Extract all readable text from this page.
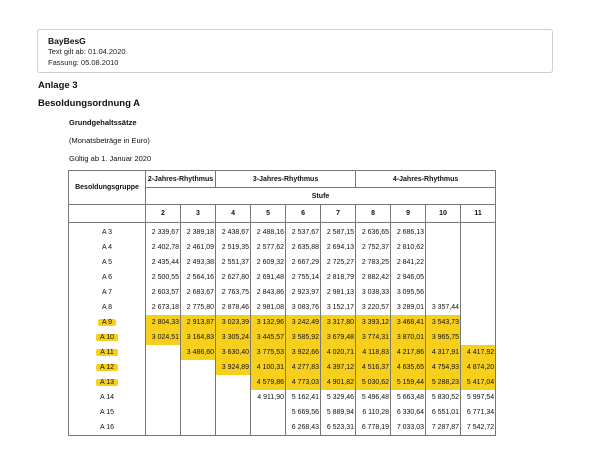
BayBesG
Text gilt ab: 01.04.2020
Fassung: 05.08.2010
Anlage 3
Besoldungsordnung A
Grundgehaltssätze
(Monatsbeträge in Euro)
Gültig ab 1. Januar 2020
Besoldungsgruppe	2-Jahres-Rhythmus		3-Jahres-Rhythmus				4-Jahres-Rhythmus			
	Stufe									
	2	3	4	5	6	7	8	9	10	11
A 3	2 339,67	2 389,18	2 438,67	2 488,16	2 537,67	2 587,15	2 636,65	2 686,13		
A 4	2 402,78	2 461,09	2 519,35	2 577,62	2 635,88	2 694,13	2 752,37	2 810,62		
A 5	2 435,44	2 493,38	2 551,37	2 609,32	2 667,29	2 725,27	2 783,25	2 841,22		
A 6	2 500,55	2 564,16	2 627,80	2 691,48	2 755,14	2 818,79	2 882,42	2 946,05		
A 7	2 603,57	2 683,67	2 763,75	2 843,86	2 923,97	2 981,13	3 038,33	3 095,56		
A 8	2 673,18	2 775,80	2 878,46	2 981,08	3 083,76	3 152,17	3 220,57	3 289,01	3 357,44	
A 9	2 804,33	2 913,87	3 023,39	3 132,96	3 242,49	3 317,80	3 393,12	3 468,41	3 543,73	
A 10	3 024,51	3 164,83	3 305,24	3 445,57	3 585,92	3 679,48	3 774,31	3 870,01	3 965,75	
A 11		3 486,60	3 630,40	3 775,53	3 922,66	4 020,71	4 118,83	4 217,86	4 317,91	4 417,92
A 12			3 924,89	4 100,31	4 277,83	4 397,12	4 516,37	4 635,65	4 754,93	4 874,20
A 13				4 579,86	4 773,03	4 901,82	5 030,62	5 159,44	5 288,23	5 417,04
A 14				4 911,90	5 162,41	5 329,46	5 496,48	5 663,48	5 830,52	5 997,54
A 15					5 669,56	5 889,94	6 110,28	6 330,64	6 551,01	6 771,34
A 16					6 268,43	6 523,31	6 778,19	7 033,03	7 287,87	7 542,72
